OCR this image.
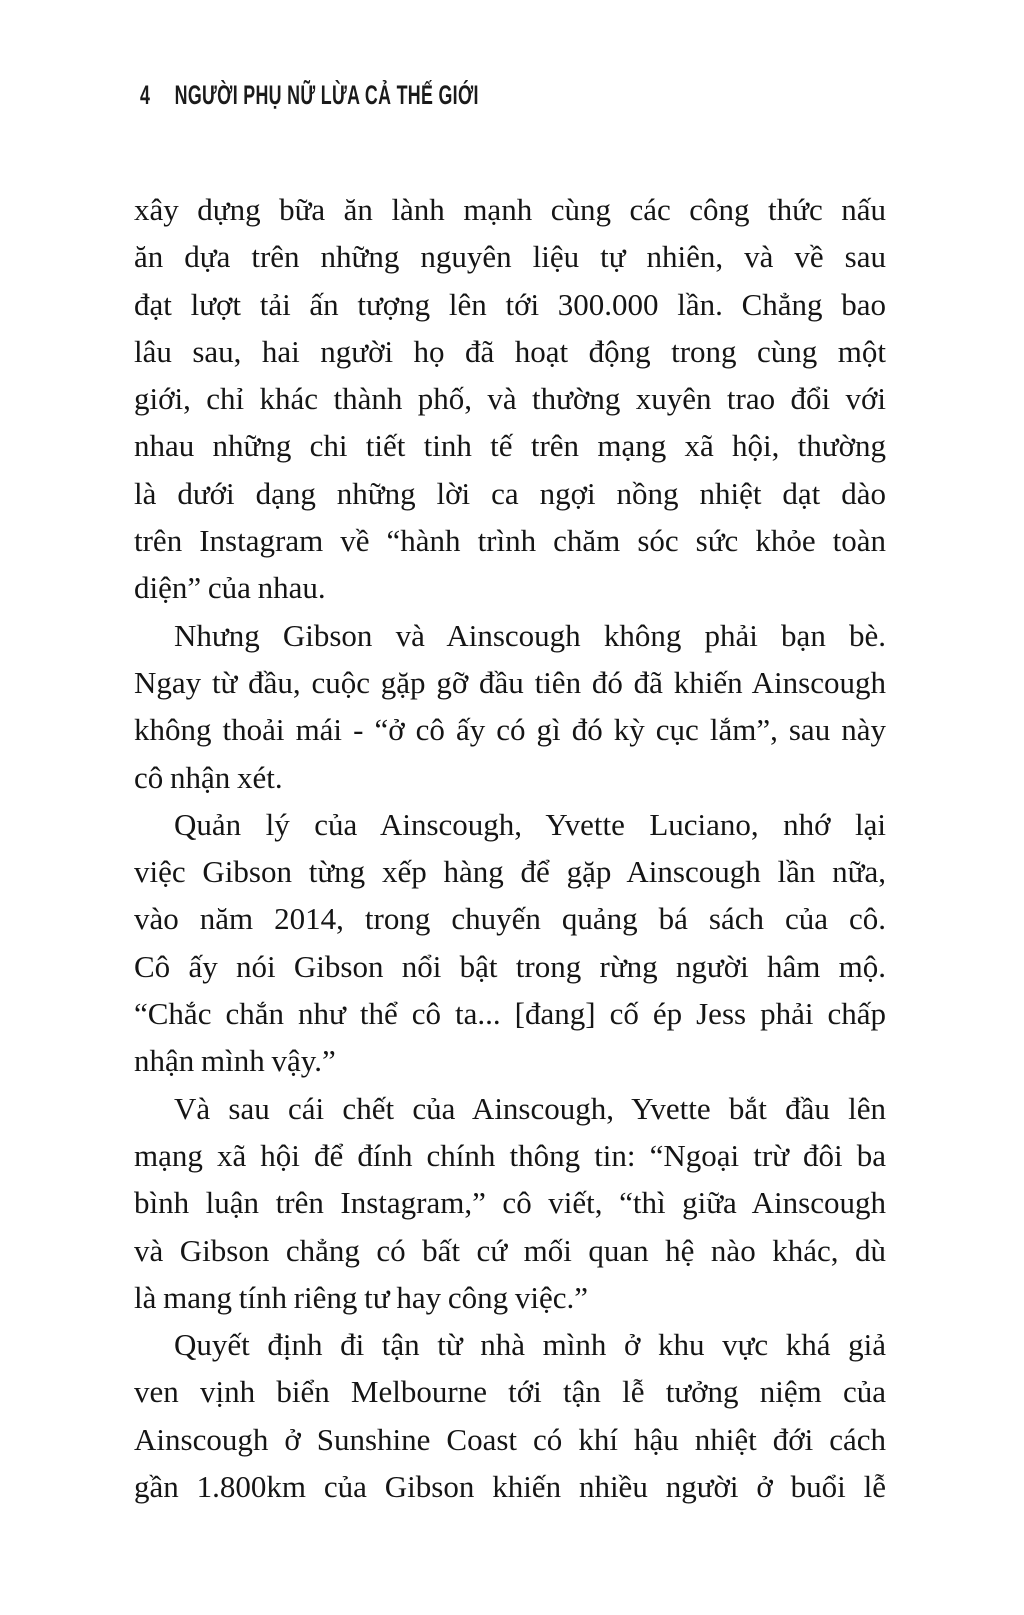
4 NGƯỜI PHỤ NỮ LỪA CẢ THẾ GIỚI
xây dựng bữa ăn lành mạnh cùng các công thức nấu
ăn dựa trên những nguyên liệu tự nhiên, và về sau
đạt lượt tải ấn tượng lên tới 300.000 lần. Chẳng bao
lâu sau, hai người họ đã hoạt động trong cùng một
giới, chỉ khác thành phố, và thường xuyên trao đổi với
nhau những chi tiết tinh tế trên mạng xã hội, thường
là dưới dạng những lời ca ngợi nồng nhiệt dạt dào
trên Instagram về “hành trình chăm sóc sức khỏe toàn
diện” của nhau.
Nhưng Gibson và Ainscough không phải bạn bè.
Ngay từ đầu, cuộc gặp gỡ đầu tiên đó đã khiến Ainscough
không thoải mái - “ở cô ấy có gì đó kỳ cục lắm”, sau này
cô nhận xét.
Quản lý của Ainscough, Yvette Luciano, nhớ lại
việc Gibson từng xếp hàng để gặp Ainscough lần nữa,
vào năm 2014, trong chuyến quảng bá sách của cô.
Cô ấy nói Gibson nổi bật trong rừng người hâm mộ.
“Chắc chắn như thể cô ta... [đang] cố ép Jess phải chấp
nhận mình vậy.”
Và sau cái chết của Ainscough, Yvette bắt đầu lên
mạng xã hội để đính chính thông tin: “Ngoại trừ đôi ba
bình luận trên Instagram,” cô viết, “thì giữa Ainscough
và Gibson chẳng có bất cứ mối quan hệ nào khác, dù
là mang tính riêng tư hay công việc.”
Quyết định đi tận từ nhà mình ở khu vực khá giả
ven vịnh biển Melbourne tới tận lễ tưởng niệm của
Ainscough ở Sunshine Coast có khí hậu nhiệt đới cách
gần 1.800km của Gibson khiến nhiều người ở buổi lễ
